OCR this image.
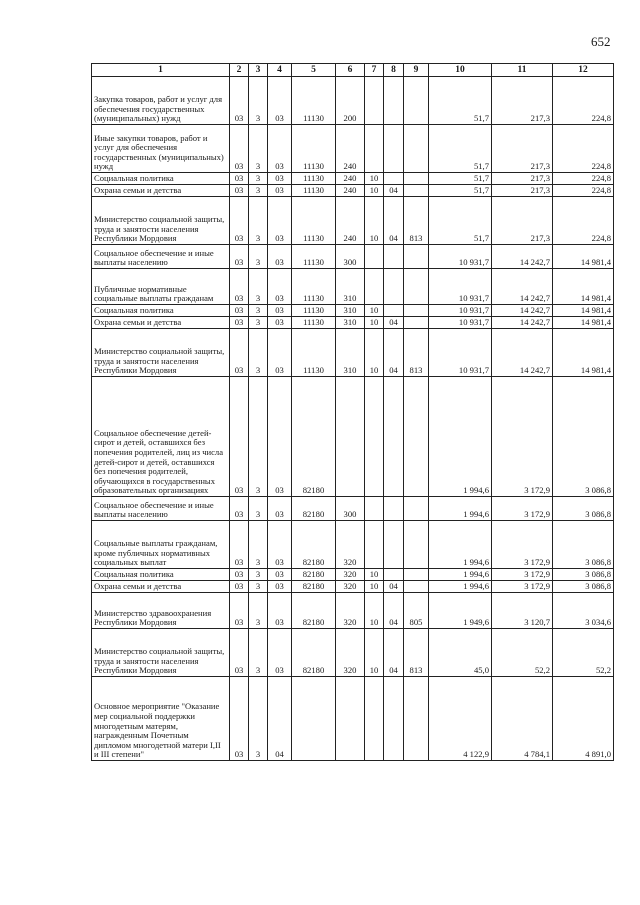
652
1	2	3	4	5	6	7	8	9	10	11	12
Закупка товаров, работ и услуг для обеспечения государственных (муниципальных) нужд	03	3	03	11130	200				51,7	217,3	224,8
Иные закупки товаров, работ и услуг для обеспечения государственных (муниципальных) нужд	03	3	03	11130	240				51,7	217,3	224,8
Социальная политика	03	3	03	11130	240	10			51,7	217,3	224,8
Охрана семьи и детства	03	3	03	11130	240	10	04		51,7	217,3	224,8
Министерство социальной защиты, труда и занятости населения Республики Мордовия	03	3	03	11130	240	10	04	813	51,7	217,3	224,8
Социальное обеспечение и иные выплаты населению	03	3	03	11130	300				10 931,7	14 242,7	14 981,4
Публичные нормативные социальные выплаты гражданам	03	3	03	11130	310				10 931,7	14 242,7	14 981,4
Социальная политика	03	3	03	11130	310	10			10 931,7	14 242,7	14 981,4
Охрана семьи и детства	03	3	03	11130	310	10	04		10 931,7	14 242,7	14 981,4
Министерство социальной защиты, труда и занятости населения Республики Мордовия	03	3	03	11130	310	10	04	813	10 931,7	14 242,7	14 981,4
Социальное обеспечение детей-сирот и детей, оставшихся без попечения родителей, лиц из числа детей-сирот и детей, оставшихся без попечения родителей, обучающихся в государственных образовательных организациях	03	3	03	82180					1 994,6	3 172,9	3 086,8
Социальное обеспечение и иные выплаты населению	03	3	03	82180	300				1 994,6	3 172,9	3 086,8
Социальные выплаты гражданам, кроме публичных нормативных социальных выплат	03	3	03	82180	320				1 994,6	3 172,9	3 086,8
Социальная политика	03	3	03	82180	320	10			1 994,6	3 172,9	3 086,8
Охрана семьи и детства	03	3	03	82180	320	10	04		1 994,6	3 172,9	3 086,8
Министерство здравоохранения Республики Мордовия	03	3	03	82180	320	10	04	805	1 949,6	3 120,7	3 034,6
Министерство социальной защиты, труда и занятости населения Республики Мордовия	03	3	03	82180	320	10	04	813	45,0	52,2	52,2
Основное мероприятие "Оказание мер социальной поддержки многодетным матерям, награжденным Почетным дипломом многодетной матери I,II и III степени"	03	3	04						4 122,9	4 784,1	4 891,0
